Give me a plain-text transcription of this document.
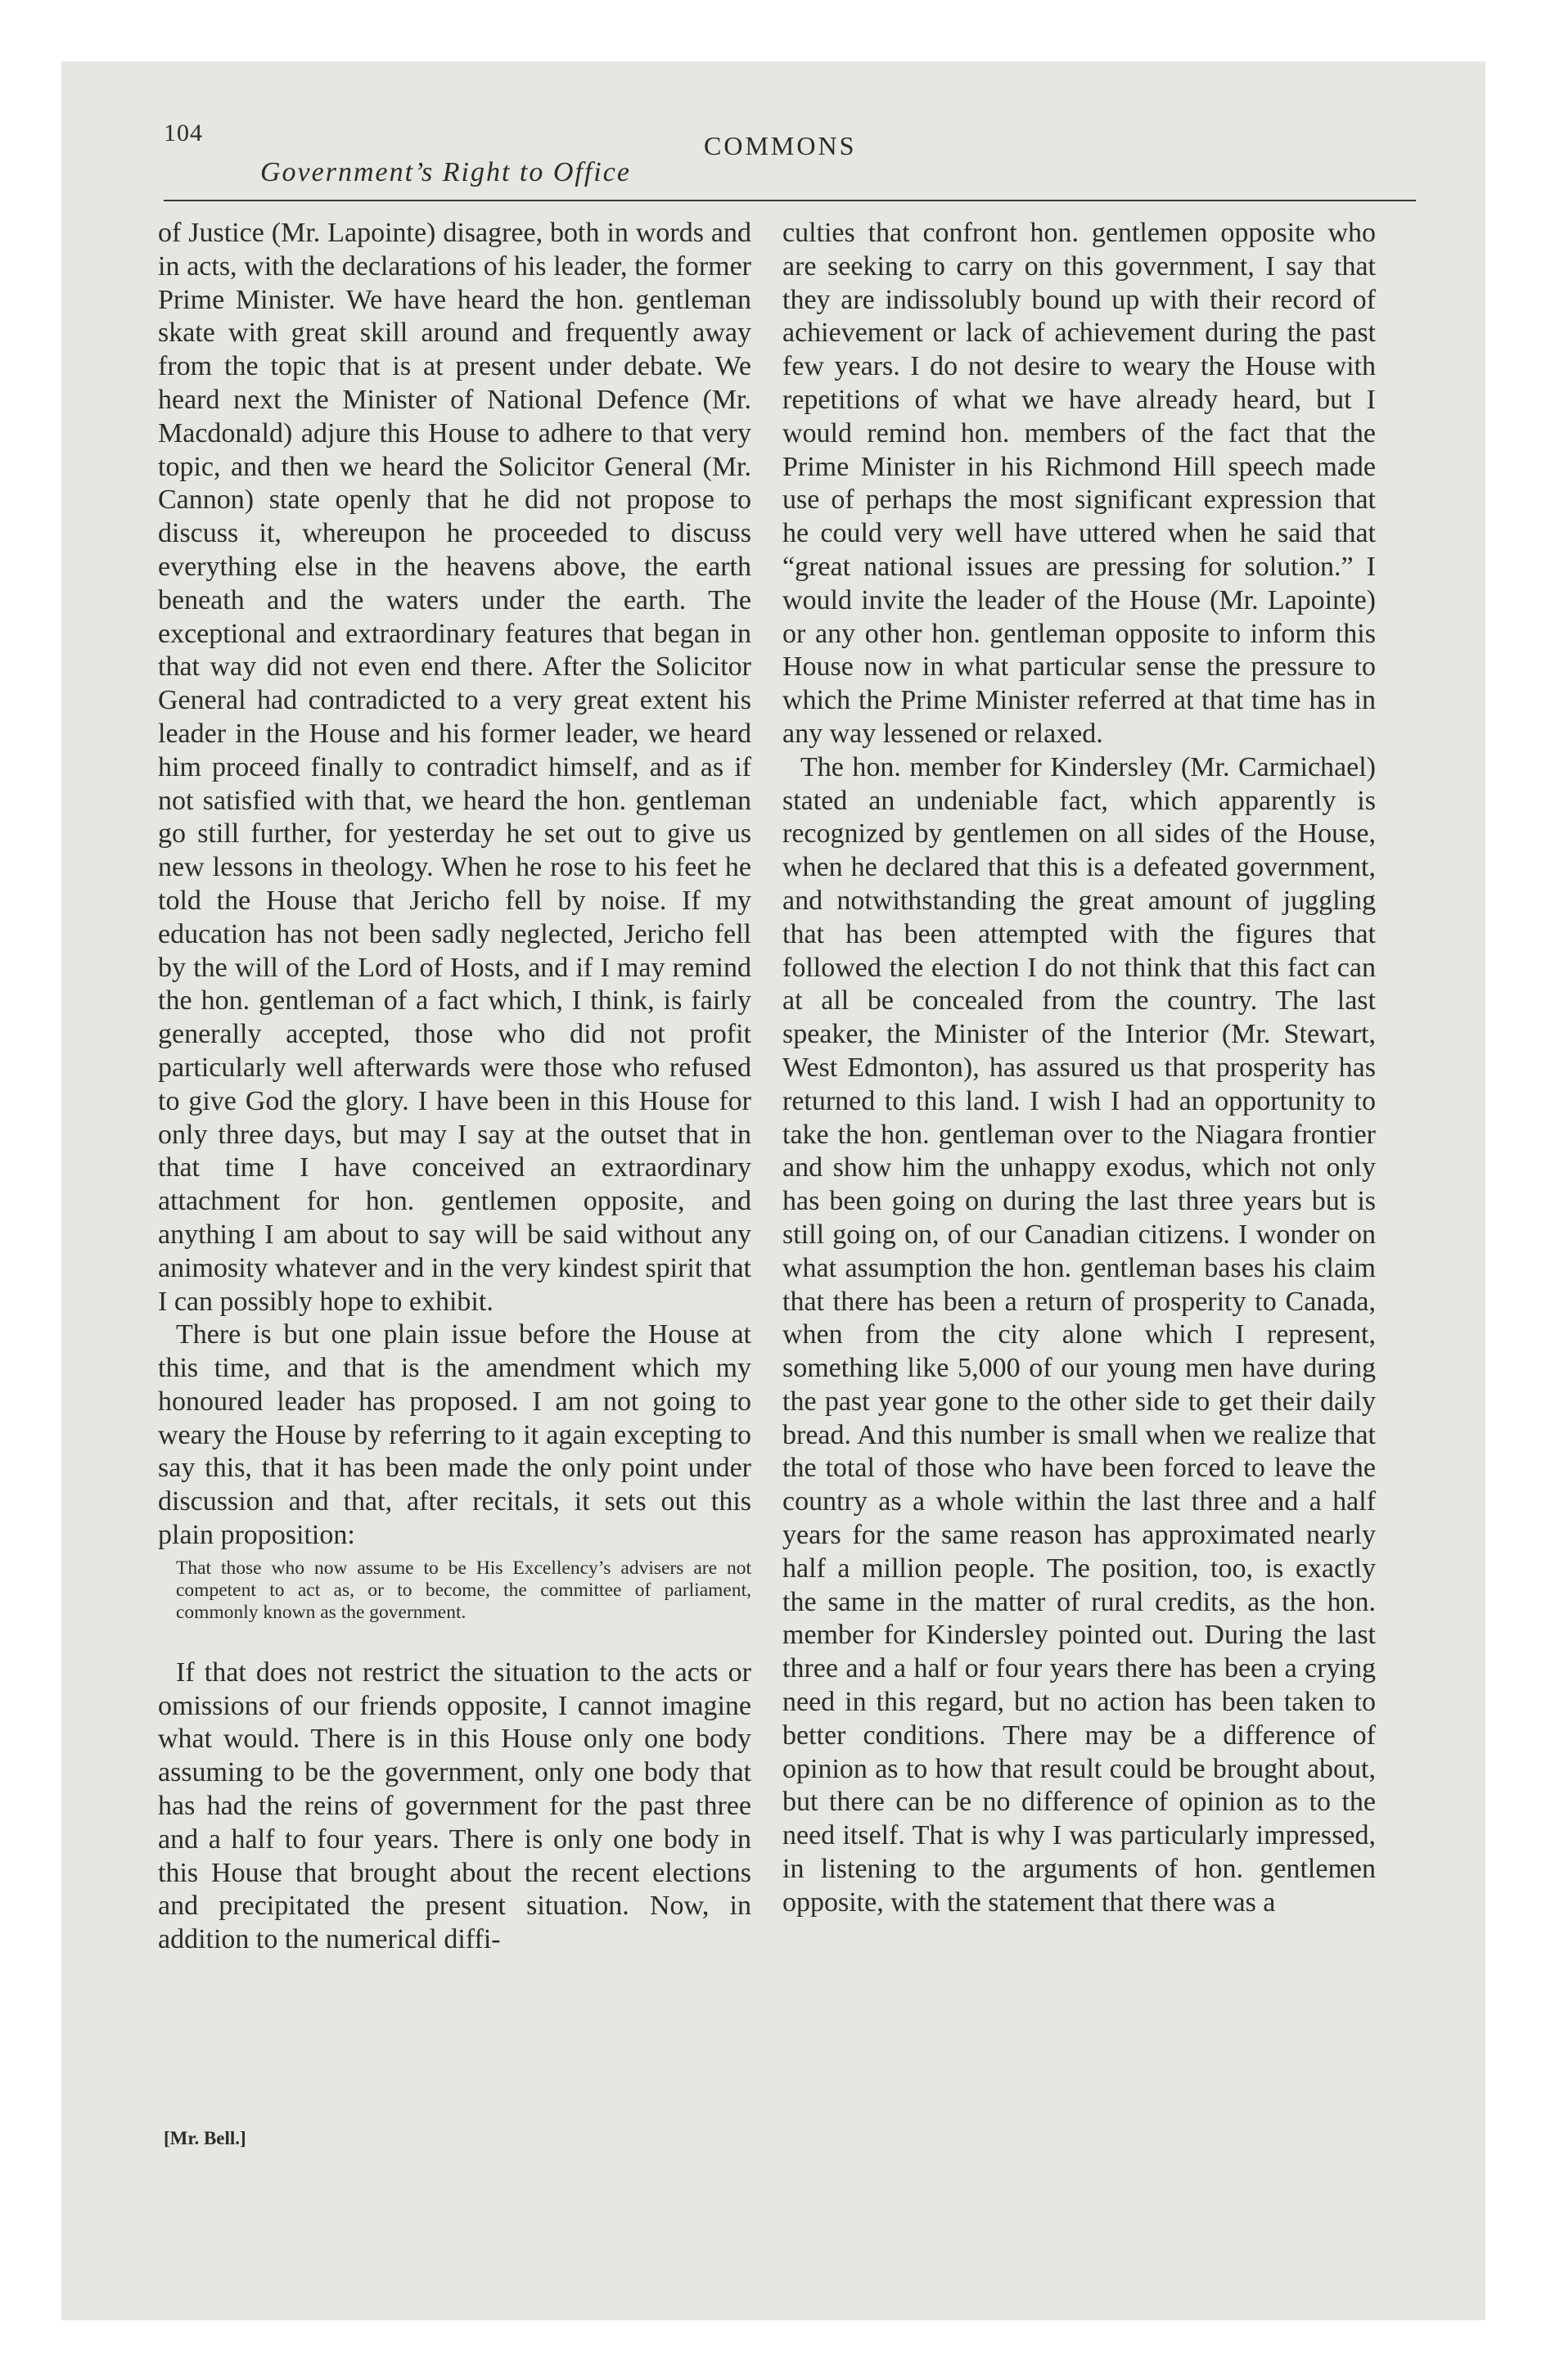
104
Government’s Right to Office
COMMONS

of Justice (Mr. Lapointe) disagree, both in words and in acts, with the declarations of his leader, the former Prime Minister. We have heard the hon. gentleman skate with great skill around and frequently away from the topic that is at present under debate. We heard next the Minister of National Defence (Mr. Macdonald) adjure this House to adhere to that very topic, and then we heard the Solicitor General (Mr. Cannon) state openly that he did not propose to discuss it, whereupon he proceeded to discuss everything else in the heavens above, the earth beneath and the waters under the earth. The exceptional and extraordinary features that began in that way did not even end there. After the Solicitor General had contradicted to a very great extent his leader in the House and his former leader, we heard him proceed finally to contradict himself, and as if not satisfied with that, we heard the hon. gentleman go still further, for yesterday he set out to give us new lessons in theology. When he rose to his feet he told the House that Jericho fell by noise. If my education has not been sadly neglected, Jericho fell by the will of the Lord of Hosts, and if I may remind the hon. gentleman of a fact which, I think, is fairly generally accepted, those who did not profit particularly well afterwards were those who refused to give God the glory. I have been in this House for only three days, but may I say at the outset that in that time I have conceived an extraordinary attachment for hon. gentlemen opposite, and anything I am about to say will be said without any animosity whatever and in the very kindest spirit that I can possibly hope to exhibit.

There is but one plain issue before the House at this time, and that is the amendment which my honoured leader has proposed. I am not going to weary the House by referring to it again excepting to say this, that it has been made the only point under discussion and that, after recitals, it sets out this plain proposition:

That those who now assume to be His Excellency’s advisers are not competent to act as, or to become, the committee of parliament, commonly known as the government.

If that does not restrict the situation to the acts or omissions of our friends opposite, I cannot imagine what would. There is in this House only one body assuming to be the government, only one body that has had the reins of government for the past three and a half to four years. There is only one body in this House that brought about the recent elections and precipitated the present situation. Now, in addition to the numerical diffi-

culties that confront hon. gentlemen opposite who are seeking to carry on this government, I say that they are indissolubly bound up with their record of achievement or lack of achievement during the past few years. I do not desire to weary the House with repetitions of what we have already heard, but I would remind hon. members of the fact that the Prime Minister in his Richmond Hill speech made use of perhaps the most significant expression that he could very well have uttered when he said that “great national issues are pressing for solution.” I would invite the leader of the House (Mr. Lapointe) or any other hon. gentleman opposite to inform this House now in what particular sense the pressure to which the Prime Minister referred at that time has in any way lessened or relaxed.

The hon. member for Kindersley (Mr. Carmichael) stated an undeniable fact, which apparently is recognized by gentlemen on all sides of the House, when he declared that this is a defeated government, and notwithstanding the great amount of juggling that has been attempted with the figures that followed the election I do not think that this fact can at all be concealed from the country. The last speaker, the Minister of the Interior (Mr. Stewart, West Edmonton), has assured us that prosperity has returned to this land. I wish I had an opportunity to take the hon. gentleman over to the Niagara frontier and show him the unhappy exodus, which not only has been going on during the last three years but is still going on, of our Canadian citizens. I wonder on what assumption the hon. gentleman bases his claim that there has been a return of prosperity to Canada, when from the city alone which I represent, something like 5,000 of our young men have during the past year gone to the other side to get their daily bread. And this number is small when we realize that the total of those who have been forced to leave the country as a whole within the last three and a half years for the same reason has approximated nearly half a million people. The position, too, is exactly the same in the matter of rural credits, as the hon. member for Kindersley pointed out. During the last three and a half or four years there has been a crying need in this regard, but no action has been taken to better conditions. There may be a difference of opinion as to how that result could be brought about, but there can be no difference of opinion as to the need itself. That is why I was particularly impressed, in listening to the arguments of hon. gentlemen opposite, with the statement that there was a

[Mr. Bell.]
